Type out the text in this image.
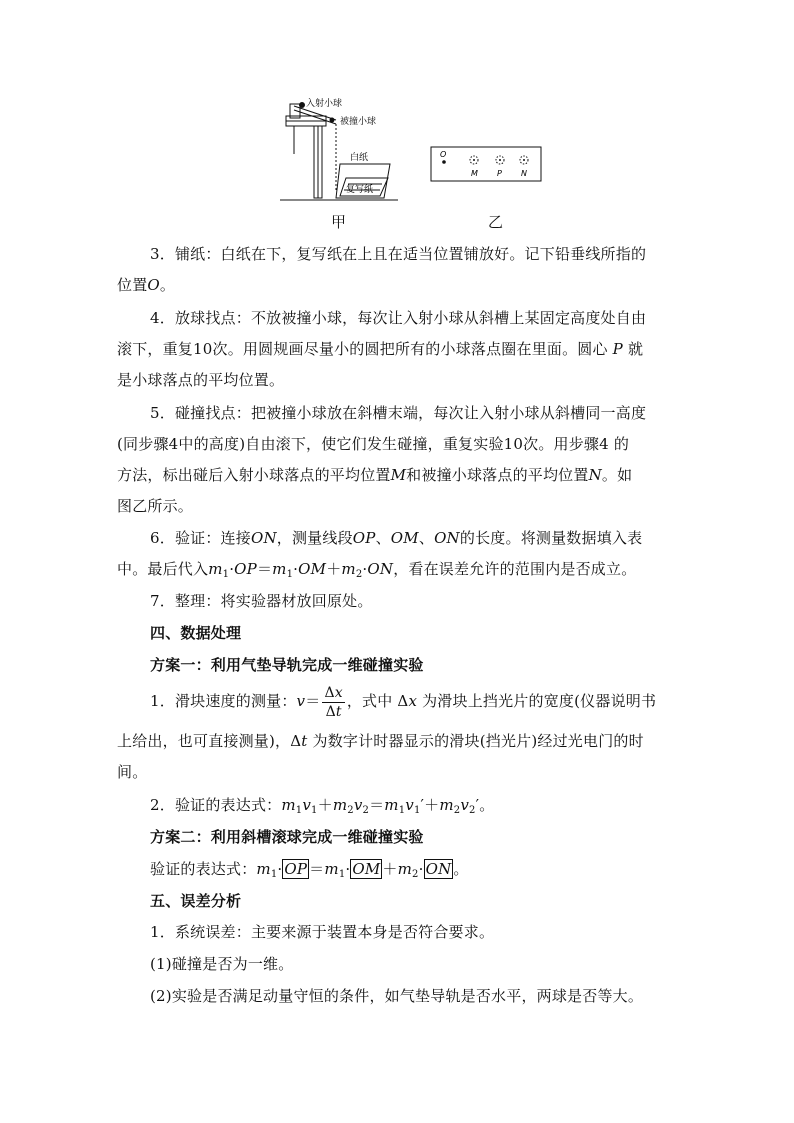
入射小球
被撞小球
白纸
复写纸
O
M P N
甲	乙
3．铺纸：白纸在下，复写纸在上且在适当位置铺放好。记下铅垂线所指的
位置O。
4．放球找点：不放被撞小球，每次让入射小球从斜槽上某固定高度处自由
滚下，重复10次。用圆规画尽量小的圆把所有的小球落点圈在里面。圆心 P 就
是小球落点的平均位置。
5．碰撞找点：把被撞小球放在斜槽末端，每次让入射小球从斜槽同一高度
(同步骤4中的高度)自由滚下，使它们发生碰撞，重复实验10次。用步骤4 的
方法，标出碰后入射小球落点的平均位置M和被撞小球落点的平均位置N。如
图乙所示。
6．验证：连接ON，测量线段OP、OM、ON的长度。将测量数据填入表
中。最后代入$m_1\cdot OP=m_1\cdot OM+m_2\cdot ON$，看在误差允许的范围内是否成立。
7．整理：将实验器材放回原处。
四、数据处理
方案一：利用气垫导轨完成一维碰撞实验
1．滑块速度的测量：$v= \frac{\Delta x}{\Delta t}$ ，式中 Δx 为滑块上挡光片的宽度(仪器说明书
上给出，也可直接测量)，Δt 为数字计时器显示的滑块(挡光片)经过光电门的时
间。
2．验证的表达式：$m_1v_1+m_2v_2=m_1v_1'+m_2v_2'$。
方案二：利用斜槽滚球完成一维碰撞实验
验证的表达式：$m_1\cdot$ OP $=m_1\cdot$ OM $+m_2\cdot$ ON 。
五、误差分析
1．系统误差：主要来源于装置本身是否符合要求。
(1)碰撞是否为一维。
(2)实验是否满足动量守恒的条件，如气垫导轨是否水平，两球是否等大。
